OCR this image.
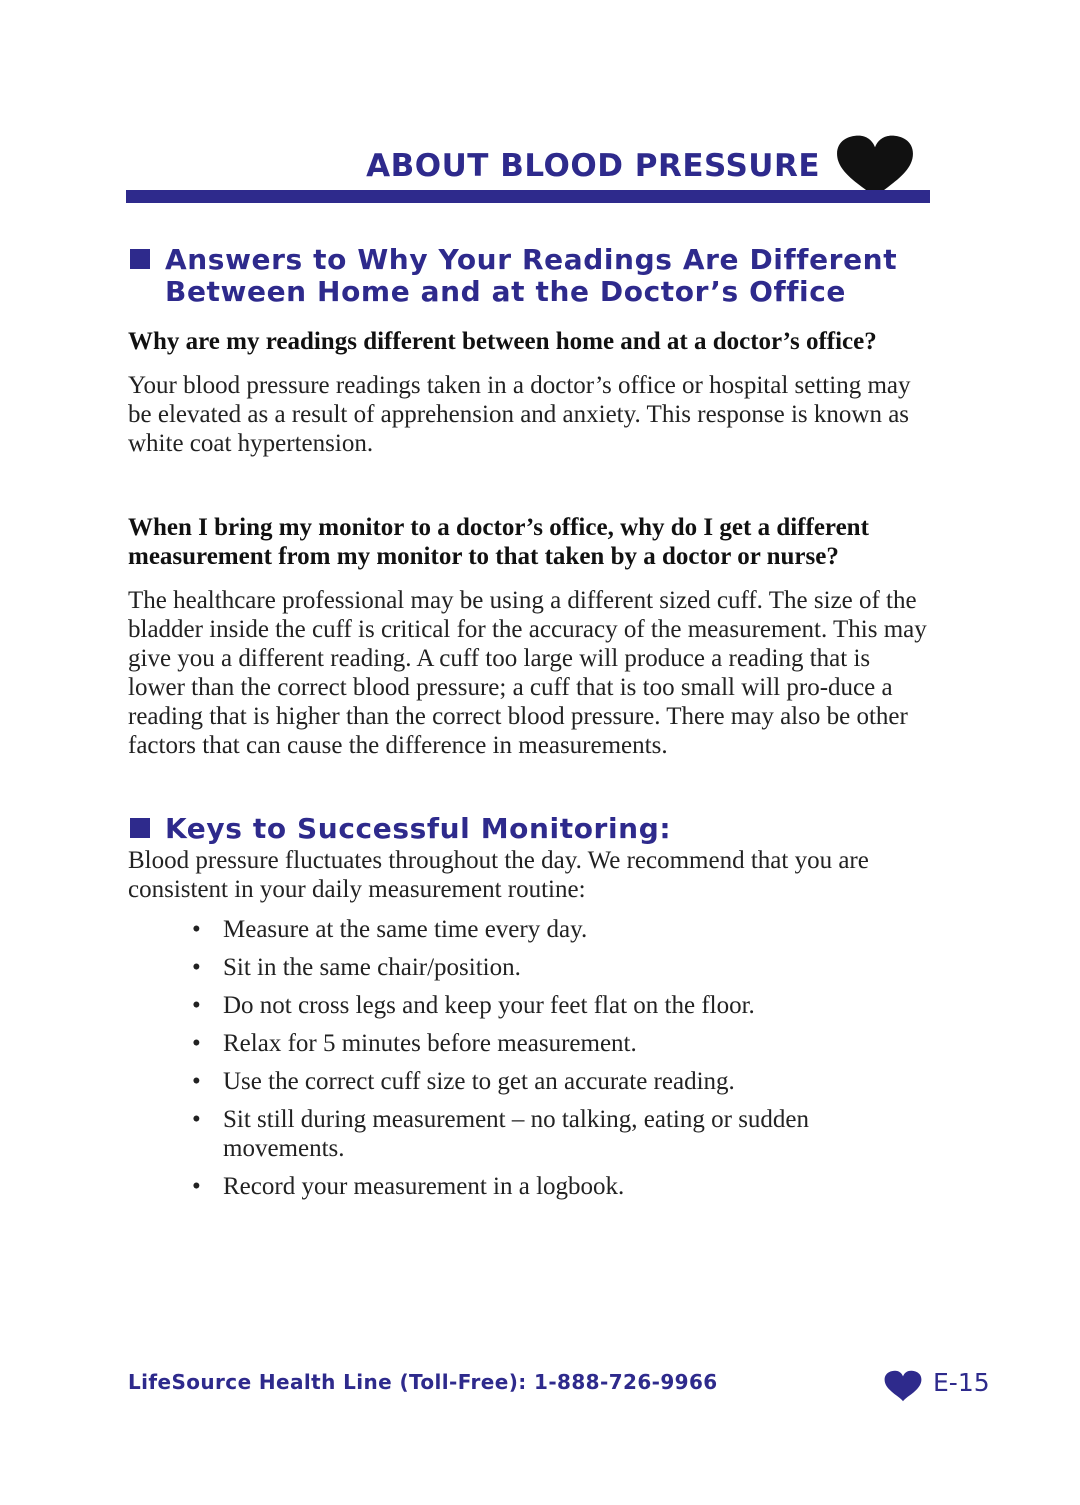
ABOUT BLOOD PRESSURE
Answers to Why Your Readings Are Different
Between Home and at the Doctor’s Office
Why are my readings different between home and at a doctor’s office?
Your blood pressure readings taken in a doctor’s office or hospital setting may be elevated as a result of apprehension and anxiety. This response is known as white coat hypertension.
When I bring my monitor to a doctor’s office, why do I get a different measurement from my monitor to that taken by a doctor or nurse?
The healthcare professional may be using a different sized cuff. The size of the bladder inside the cuff is critical for the accuracy of the measurement. This may give you a different reading. A cuff too large will produce a reading that is lower than the correct blood pressure; a cuff that is too small will pro-duce a reading that is higher than the correct blood pressure. There may also be other factors that can cause the difference in measurements.
Keys to Successful Monitoring:
Blood pressure fluctuates throughout the day. We recommend that you are consistent in your daily measurement routine:
• Measure at the same time every day.
• Sit in the same chair/position.
• Do not cross legs and keep your feet flat on the floor.
• Relax for 5 minutes before measurement.
• Use the correct cuff size to get an accurate reading.
• Sit still during measurement – no talking, eating or sudden movements.
• Record your measurement in a logbook.
LifeSource Health Line (Toll-Free): 1-888-726-9966	E-15
